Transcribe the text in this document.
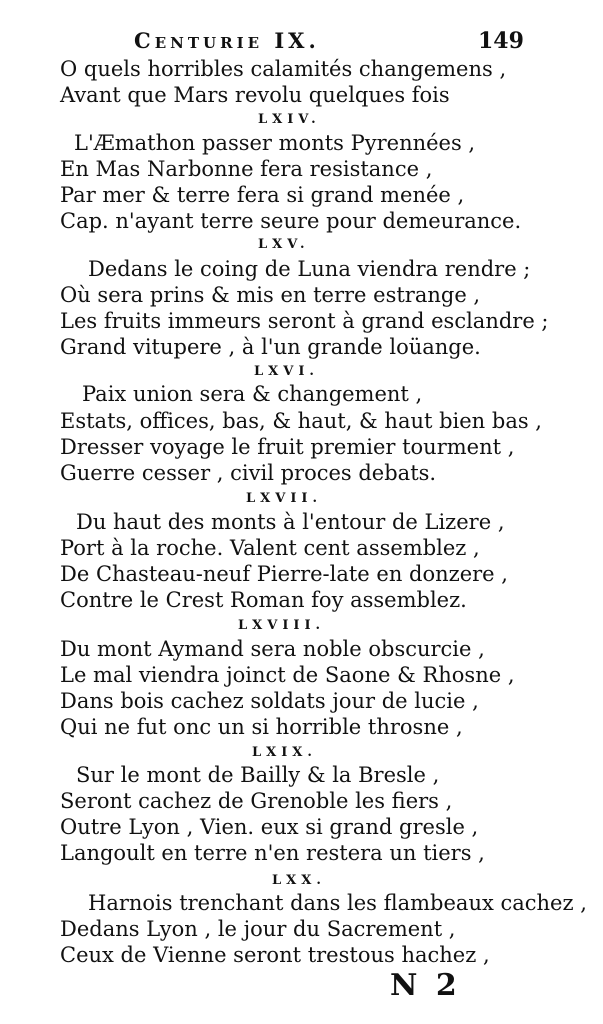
Centurie IX.	149
O quels horribles calamités changemens ,
Avant que Mars revolu quelques fois
LXIV.
L'Æmathon passer monts Pyrennées ,
En Mas Narbonne fera resistance ,
Par mer & terre fera si grand menée ,
Cap. n'ayant terre seure pour demeurance.
LXV.
Dedans le coing de Luna viendra rendre ;
Où sera prins & mis en terre estrange ,
Les fruits immeurs seront à grand esclandre ;
Grand vitupere , à l'un grande loüange.
LXVI.
Paix union sera & changement ,
Estats, offices, bas, & haut, & haut bien bas ,
Dresser voyage le fruit premier tourment ,
Guerre cesser , civil proces debats.
LXVII.
Du haut des monts à l'entour de Lizere ,
Port à la roche. Valent cent assemblez ,
De Chasteau-neuf Pierre-late en donzere ,
Contre le Crest Roman foy assemblez.
LXVIII.
Du mont Aymand sera noble obscurcie ,
Le mal viendra joinct de Saone & Rhosne ,
Dans bois cachez soldats jour de lucie ,
Qui ne fut onc un si horrible throsne ,
LXIX.
Sur le mont de Bailly & la Bresle ,
Seront cachez de Grenoble les fiers ,
Outre Lyon , Vien. eux si grand gresle ,
Langoult en terre n'en restera un tiers ,
LXX.
Harnois trenchant dans les flambeaux cachez ,
Dedans Lyon , le jour du Sacrement ,
Ceux de Vienne seront trestous hachez ,
N 2
